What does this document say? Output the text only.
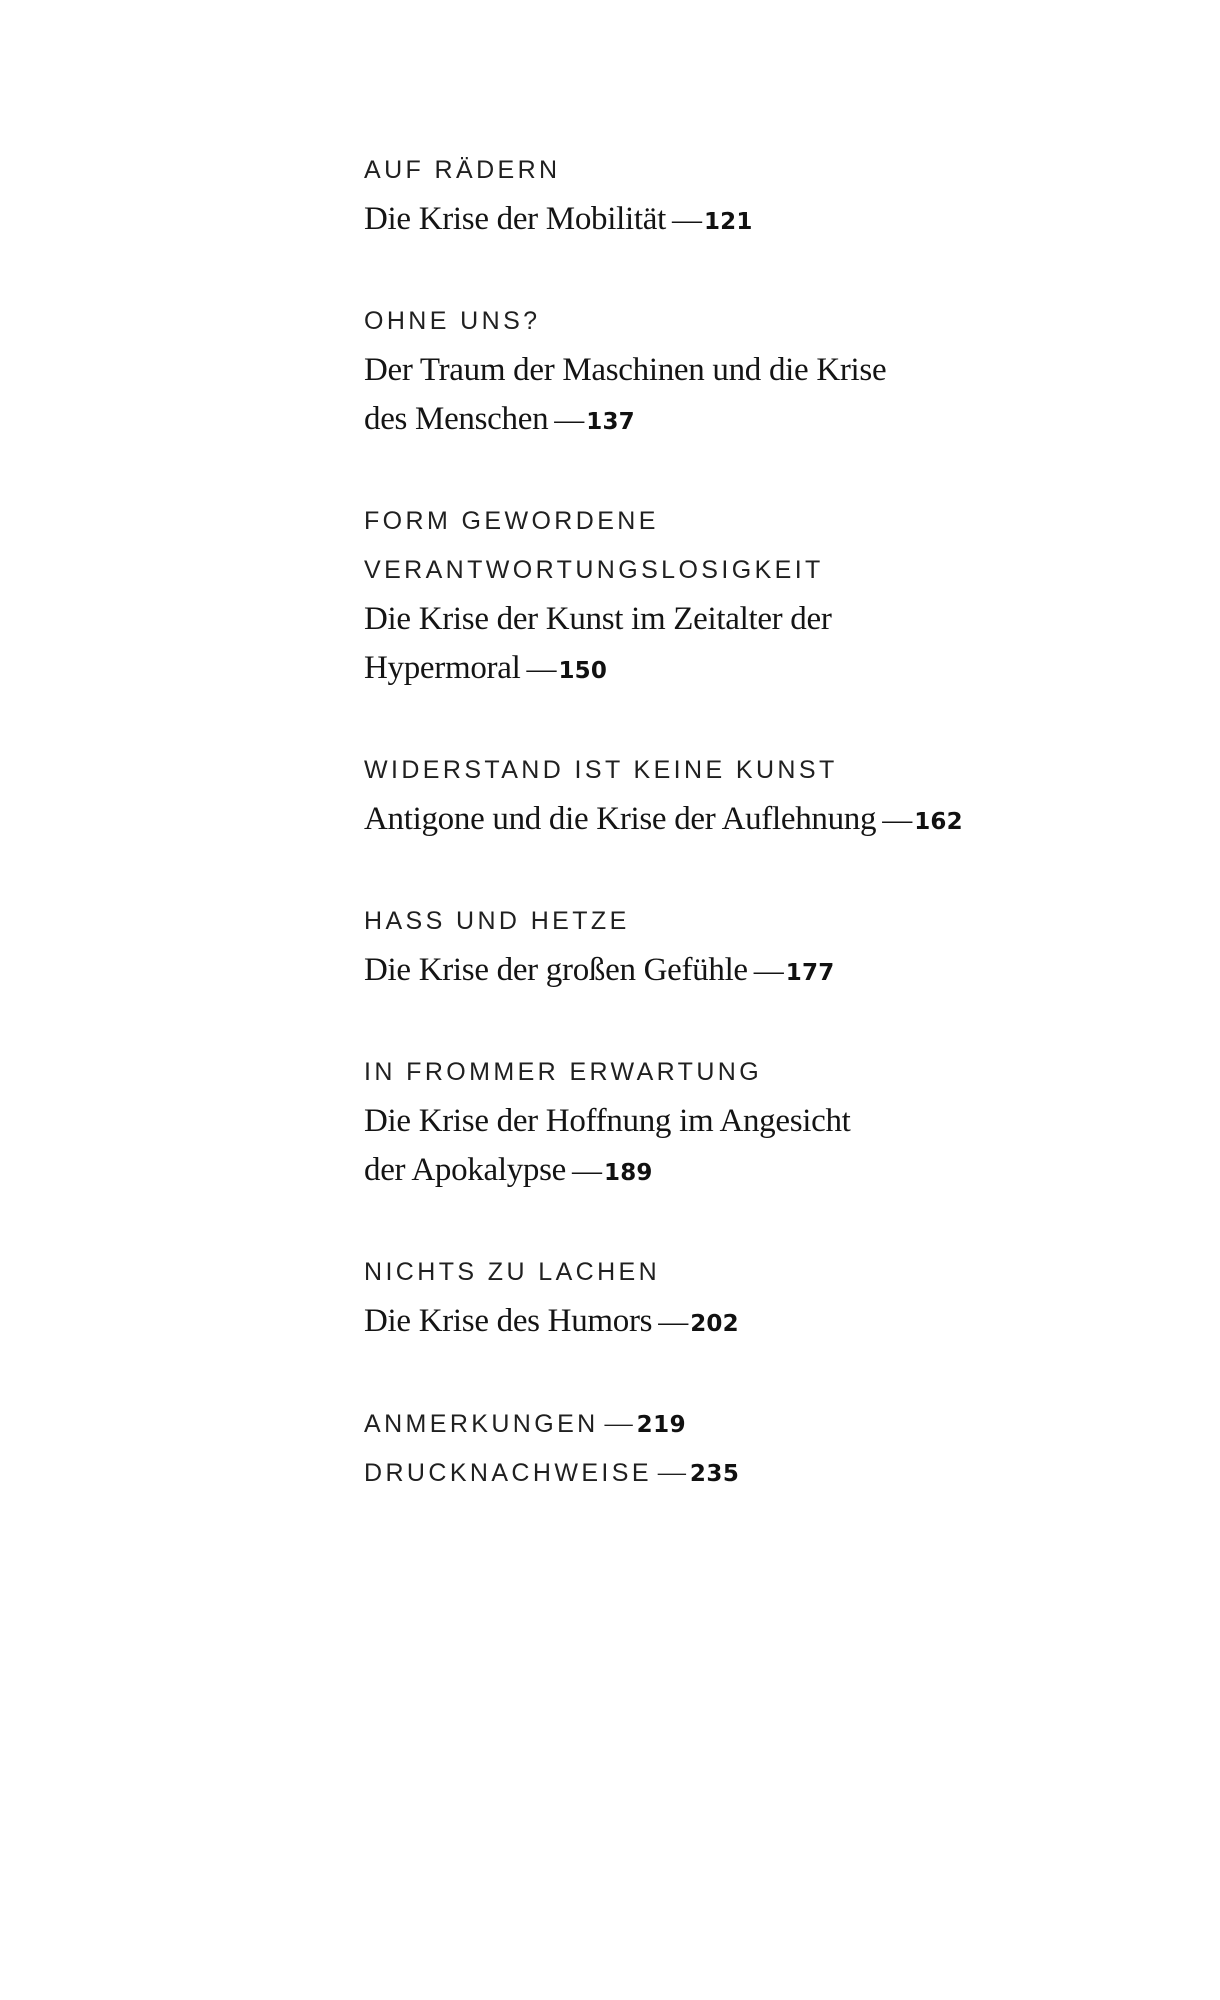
AUF RÄDERN
Die Krise der Mobilität — 121
OHNE UNS?
Der Traum der Maschinen und die Krise
des Menschen — 137
FORM GEWORDENE
VERANTWORTUNGSLOSIGKEIT
Die Krise der Kunst im Zeitalter der
Hypermoral — 150
WIDERSTAND IST KEINE KUNST
Antigone und die Krise der Auflehnung — 162
HASS UND HETZE
Die Krise der großen Gefühle — 177
IN FROMMER ERWARTUNG
Die Krise der Hoffnung im Angesicht
der Apokalypse — 189
NICHTS ZU LACHEN
Die Krise des Humors — 202
ANMERKUNGEN — 219
DRUCKNACHWEISE — 235
